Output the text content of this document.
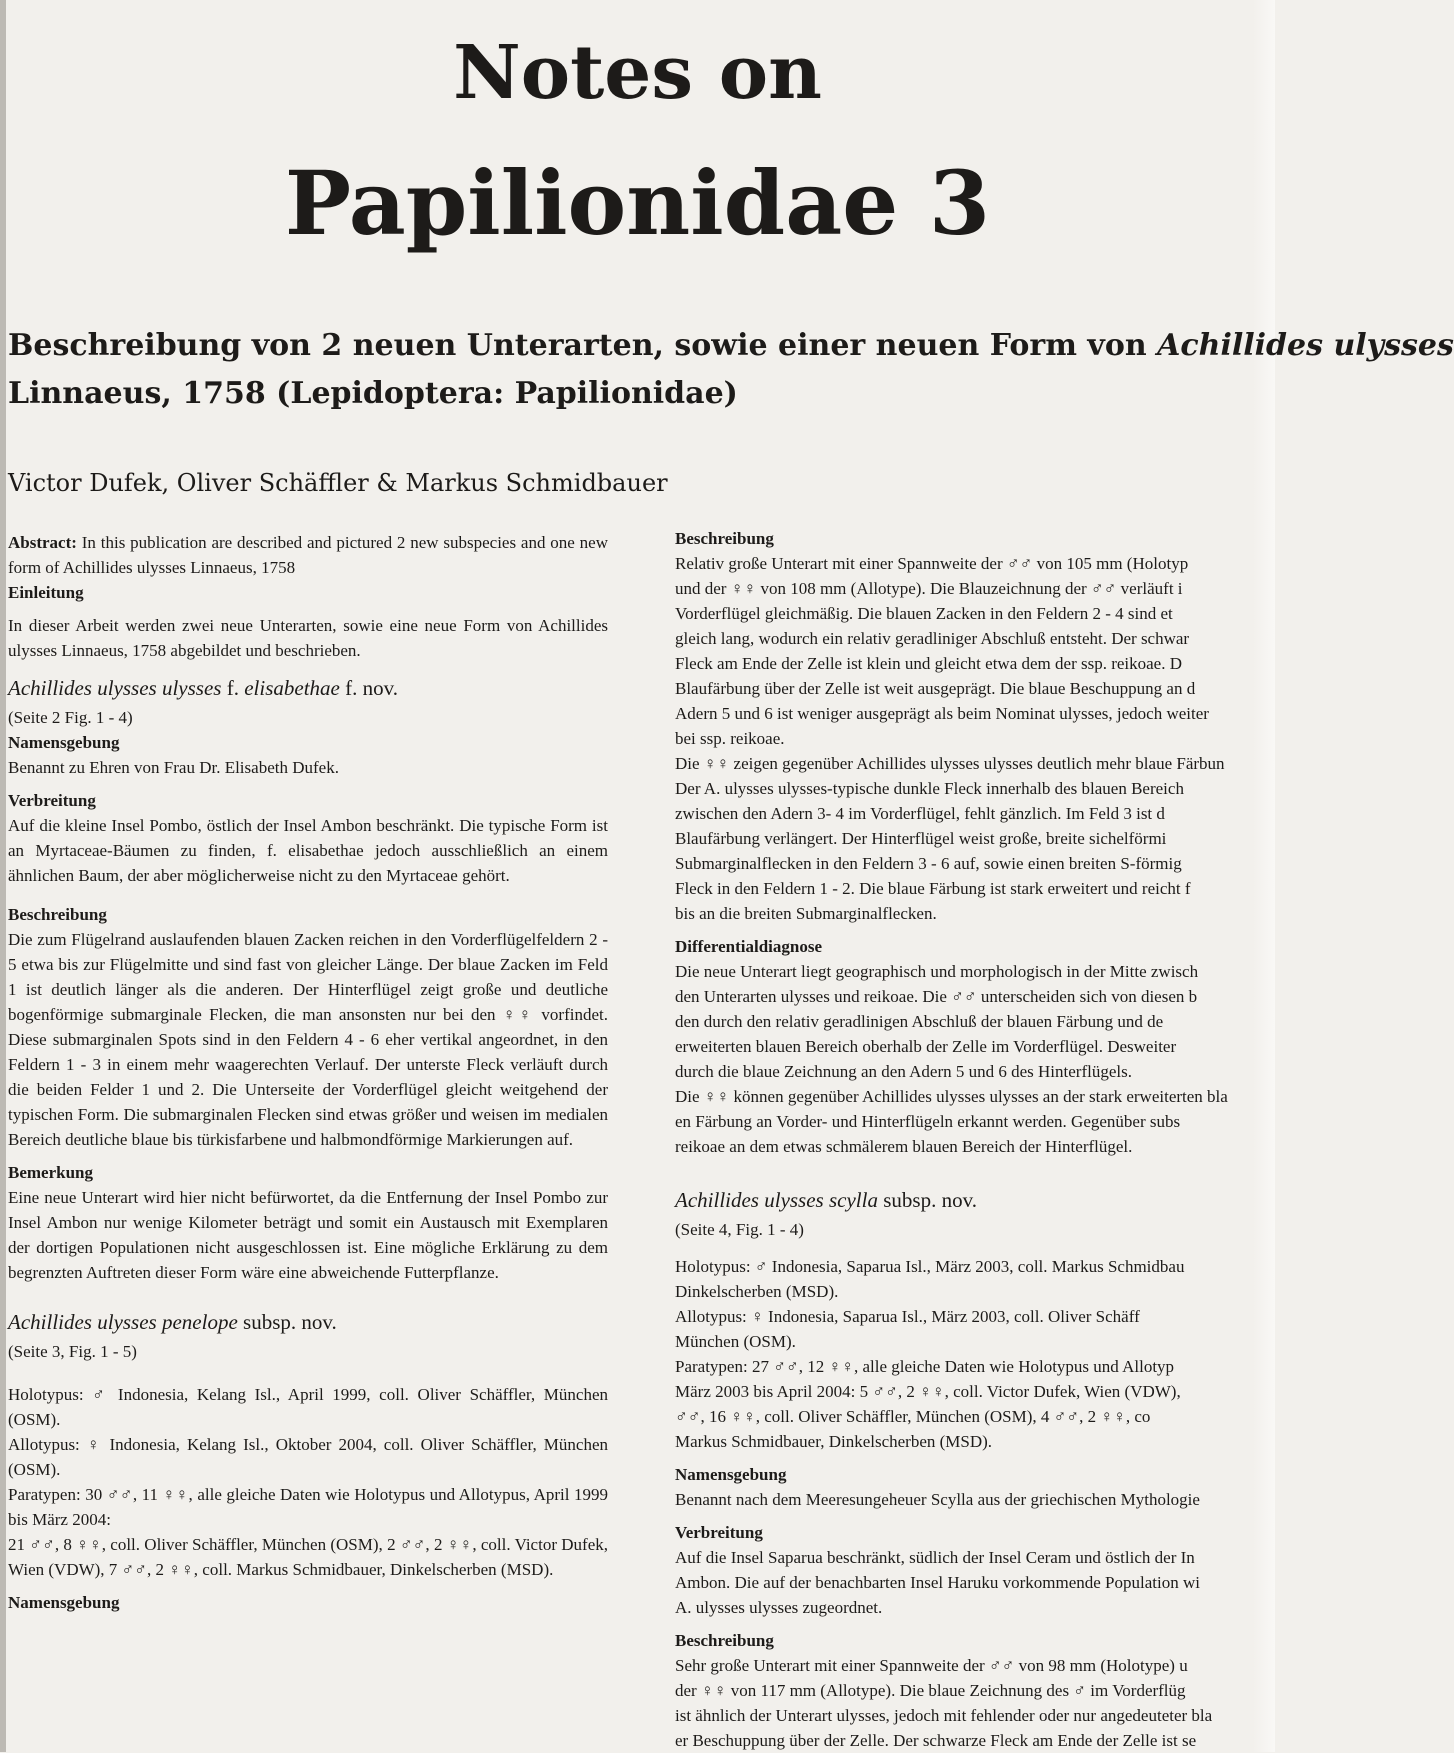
Notes on
Papilionidae 3
Beschreibung von 2 neuen Unterarten, sowie einer neuen Form von Achillides ulysses
Linnaeus, 1758 (Lepidoptera: Papilionidae)
Victor Dufek, Oliver Schäffler & Markus Schmidbauer

Abstract: In this publication are described and pictured 2 new subspecies and one new form of Achillides ulysses Linnaeus, 1758

Einleitung

In dieser Arbeit werden zwei neue Unterarten, sowie eine neue Form von Achillides ulysses Linnaeus, 1758 abgebildet und beschrieben.

Achillides ulysses ulysses f. elisabethae f. nov.

(Seite 2 Fig. 1 - 4)

Namensgebung

Benannt zu Ehren von Frau Dr. Elisabeth Dufek.

Verbreitung

Auf die kleine Insel Pombo, östlich der Insel Ambon beschränkt. Die typische Form ist an Myrtaceae-Bäumen zu finden, f. elisabethae jedoch ausschließlich an einem ähnlichen Baum, der aber möglicherweise nicht zu den Myrtaceae gehört.

Beschreibung

Die zum Flügelrand auslaufenden blauen Zacken reichen in den Vorderflügelfeldern 2 - 5 etwa bis zur Flügelmitte und sind fast von gleicher Länge. Der blaue Zacken im Feld 1 ist deutlich länger als die anderen. Der Hinterflügel zeigt große und deutliche bogenförmige submarginale Flecken, die man ansonsten nur bei den ♀♀ vorfindet. Diese submarginalen Spots sind in den Feldern 4 - 6 eher vertikal angeordnet, in den Feldern 1 - 3 in einem mehr waagerechten Verlauf. Der unterste Fleck verläuft durch die beiden Felder 1 und 2. Die Unterseite der Vorderflügel gleicht weitgehend der typischen Form. Die submarginalen Flecken sind etwas größer und weisen im medialen Bereich deutliche blaue bis türkisfarbene und halbmondförmige Markierungen auf.

Bemerkung

Eine neue Unterart wird hier nicht befürwortet, da die Entfernung der Insel Pombo zur Insel Ambon nur wenige Kilometer beträgt und somit ein Austausch mit Exemplaren der dortigen Populationen nicht ausgeschlossen ist. Eine mögliche Erklärung zu dem begrenzten Auftreten dieser Form wäre eine abweichende Futterpflanze.

Achillides ulysses penelope subsp. nov.

(Seite 3, Fig. 1 - 5)

Holotypus: ♂ Indonesia, Kelang Isl., April 1999, coll. Oliver Schäffler, München (OSM).

Allotypus: ♀ Indonesia, Kelang Isl., Oktober 2004, coll. Oliver Schäffler, München (OSM).

Paratypen: 30 ♂♂, 11 ♀♀, alle gleiche Daten wie Holotypus und Allotypus, April 1999 bis März 2004:

21 ♂♂, 8 ♀♀, coll. Oliver Schäffler, München (OSM), 2 ♂♂, 2 ♀♀, coll. Victor Dufek, Wien (VDW), 7 ♂♂, 2 ♀♀, coll. Markus Schmidbauer, Dinkelscherben (MSD).

Namensgebung
Beschreibung
Relativ große Unterart mit einer Spannweite der ♂♂ von 105 mm (Holotyp
und der ♀♀ von 108 mm (Allotype). Die Blauzeichnung der ♂♂ verläuft i
Vorderflügel gleichmäßig. Die blauen Zacken in den Feldern 2 - 4 sind et
gleich lang, wodurch ein relativ geradliniger Abschluß entsteht. Der schwar
Fleck am Ende der Zelle ist klein und gleicht etwa dem der ssp. reikoae. D
Blaufärbung über der Zelle ist weit ausgeprägt. Die blaue Beschuppung an d
Adern 5 und 6 ist weniger ausgeprägt als beim Nominat ulysses, jedoch weiter
bei ssp. reikoae.
Die ♀♀ zeigen gegenüber Achillides ulysses ulysses deutlich mehr blaue Färbun
Der A. ulysses ulysses-typische dunkle Fleck innerhalb des blauen Bereich
zwischen den Adern 3- 4 im Vorderflügel, fehlt gänzlich. Im Feld 3 ist d
Blaufärbung verlängert. Der Hinterflügel weist große, breite sichelförmi
Submarginalflecken in den Feldern 3 - 6 auf, sowie einen breiten S-förmig
Fleck in den Feldern 1 - 2. Die blaue Färbung ist stark erweitert und reicht f
bis an die breiten Submarginalflecken.
Differentialdiagnose
Die neue Unterart liegt geographisch und morphologisch in der Mitte zwisch
den Unterarten ulysses und reikoae. Die ♂♂ unterscheiden sich von diesen b
den durch den relativ geradlinigen Abschluß der blauen Färbung und de
erweiterten blauen Bereich oberhalb der Zelle im Vorderflügel. Desweiter
durch die blaue Zeichnung an den Adern 5 und 6 des Hinterflügels.
Die ♀♀ können gegenüber Achillides ulysses ulysses an der stark erweiterten bla
en Färbung an Vorder- und Hinterflügeln erkannt werden. Gegenüber subs
reikoae an dem etwas schmälerem blauen Bereich der Hinterflügel.
Achillides ulysses scylla subsp. nov.

(Seite 4, Fig. 1 - 4)

Holotypus: ♂ Indonesia, Saparua Isl., März 2003, coll. Markus Schmidbau
Dinkelscherben (MSD).
Allotypus: ♀ Indonesia, Saparua Isl., März 2003, coll. Oliver Schäff
München (OSM).
Paratypen: 27 ♂♂, 12 ♀♀, alle gleiche Daten wie Holotypus und Allotyp
März 2003 bis April 2004: 5 ♂♂, 2 ♀♀, coll. Victor Dufek, Wien (VDW),
♂♂, 16 ♀♀, coll. Oliver Schäffler, München (OSM), 4 ♂♂, 2 ♀♀, co
Markus Schmidbauer, Dinkelscherben (MSD).
Namensgebung
Benannt nach dem Meeresungeheuer Scylla aus der griechischen Mythologie
Verbreitung
Auf die Insel Saparua beschränkt, südlich der Insel Ceram und östlich der In
Ambon. Die auf der benachbarten Insel Haruku vorkommende Population wi
A. ulysses ulysses zugeordnet.
Beschreibung
Sehr große Unterart mit einer Spannweite der ♂♂ von 98 mm (Holotype) u
der ♀♀ von 117 mm (Allotype). Die blaue Zeichnung des ♂ im Vorderflüg
ist ähnlich der Unterart ulysses, jedoch mit fehlender oder nur angedeuteter bla
er Beschuppung über der Zelle. Der schwarze Fleck am Ende der Zelle ist se
